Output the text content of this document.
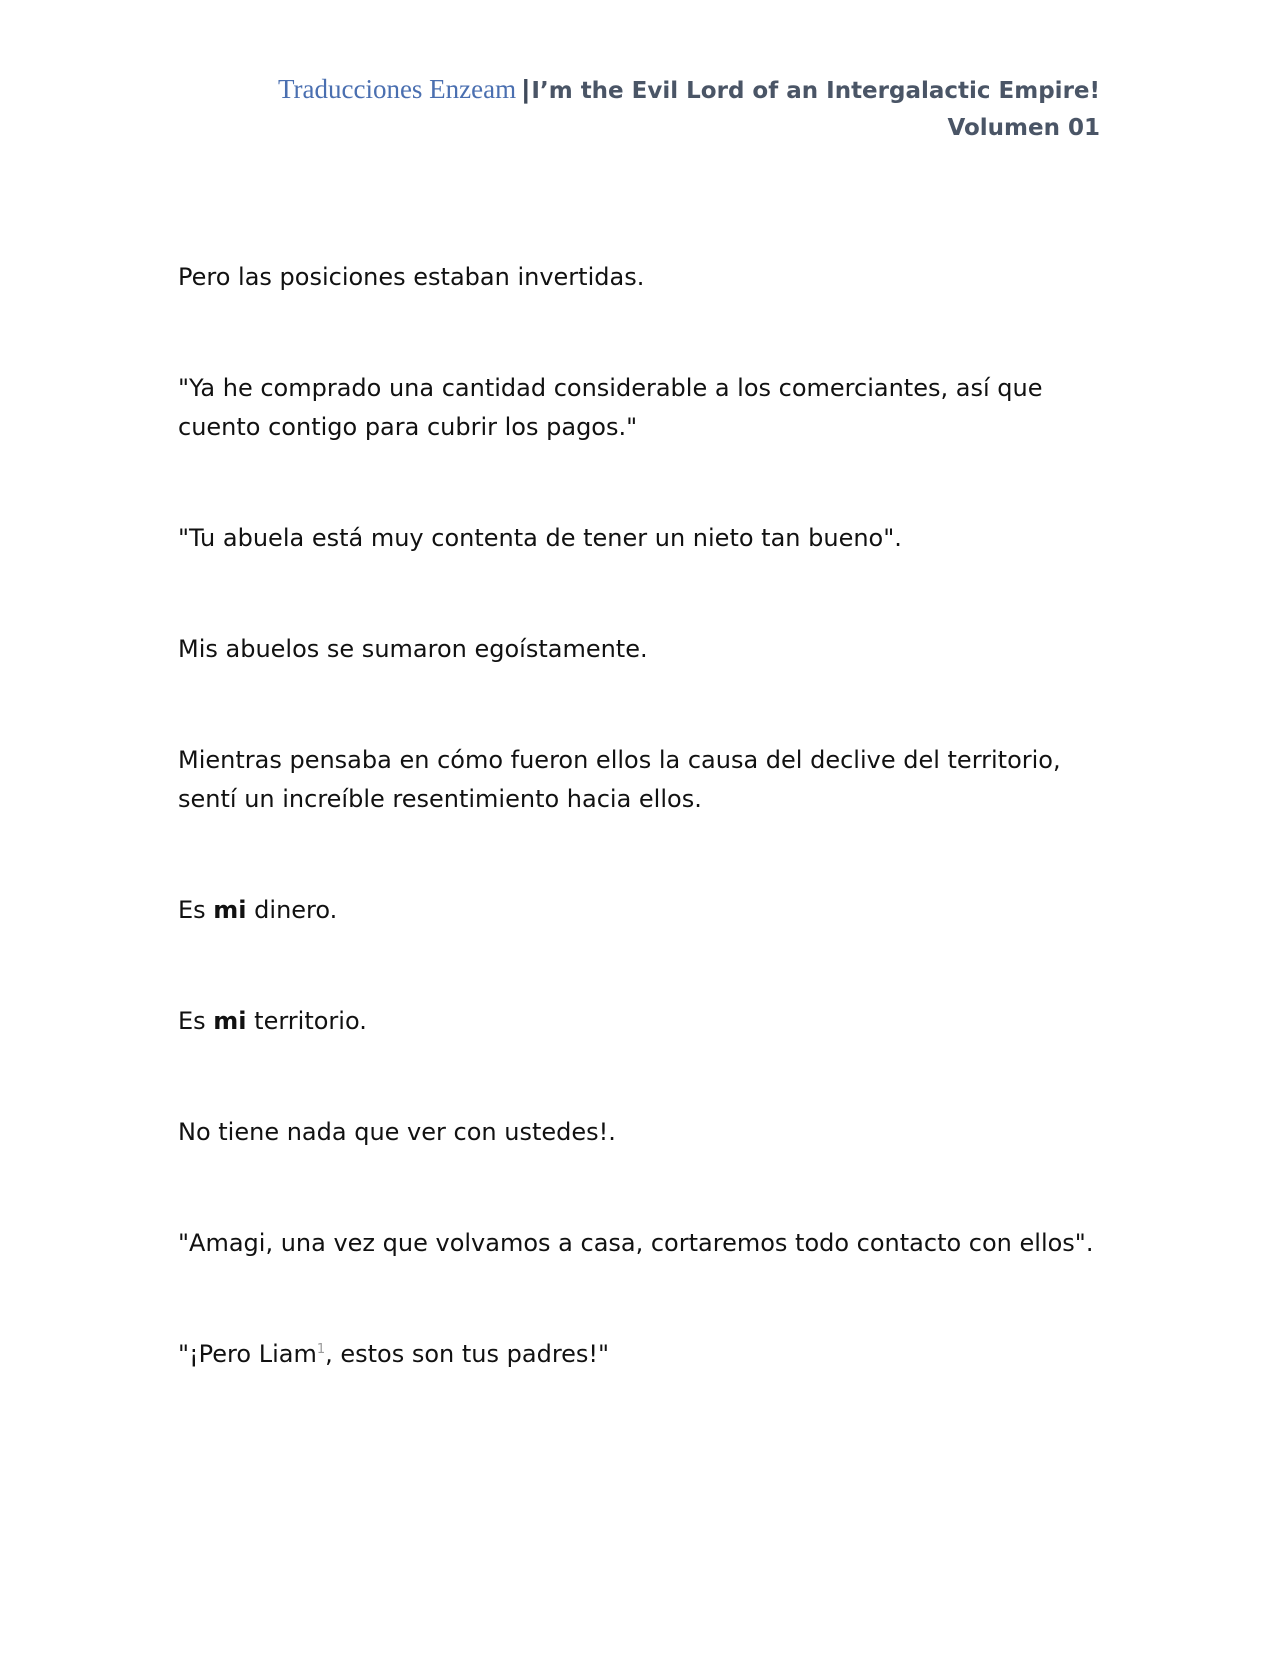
Traducciones Enzeam |I’m the Evil Lord of an Intergalactic Empire!
Volumen 01

Pero las posiciones estaban invertidas.

"Ya he comprado una cantidad considerable a los comerciantes, así que cuento contigo para cubrir los pagos."

"Tu abuela está muy contenta de tener un nieto tan bueno".

Mis abuelos se sumaron egoístamente.

Mientras pensaba en cómo fueron ellos la causa del declive del territorio, sentí un increíble resentimiento hacia ellos.

Es mi dinero.

Es mi territorio.

No tiene nada que ver con ustedes!.

"Amagi, una vez que volvamos a casa, cortaremos todo contacto con ellos".

"¡Pero Liam$^1$, estos son tus padres!"
